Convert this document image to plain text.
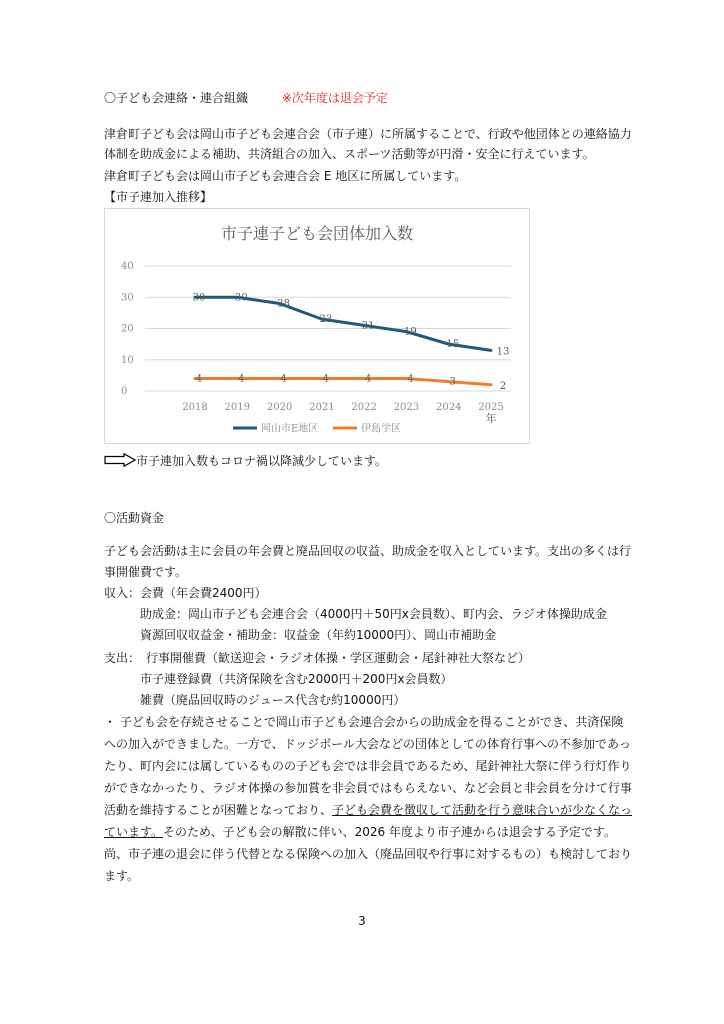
〇子ども会連絡・連合組織	※次年度は退会予定
津倉町子ども会は岡山市子ども会連合会（市子連）に所属することで、行政や他団体との連絡協力
体制を助成金による補助、共済組合の加入、スポーツ活動等が円滑・安全に行えています。
津倉町子ども会は岡山市子ども会連合会 E 地区に所属しています。
【市子連加入推移】
市子連子ども会団体加入数
0
10
20
30
40
2018 2019 2020 2021 2022 2023 2024 2025
年
30	30
28
23
21
19
15
13
岡山市E地区
4	4	4	4	4	4	3	2
伊島学区
市子連加入数もコロナ禍以降減少しています。
〇活動資金
子ども会活動は主に会員の年会費と廃品回収の収益、助成金を収入としています。支出の多くは行
事開催費です。
収入：会費（年会費2400円）
助成金：岡山市子ども会連合会（4000円＋50円x会員数）、町内会、ラジオ体操助成金
資源回収収益金・補助金：収益金（年約10000円）、岡山市補助金
支出：　行事開催費（歓送迎会・ラジオ体操・学区運動会・尾針神社大祭など）
市子連登録費（共済保険を含む2000円＋200円x会員数）
雑費（廃品回収時のジュース代含む約10000円）
・ 子ども会を存続させることで岡山市子ども会連合会からの助成金を得ることができ、共済保険
への加入ができました。一方で、ドッジボール大会などの団体としての体育行事への不参加であっ
たり、町内会には属しているものの子ども会では非会員であるため、尾針神社大祭に伴う行灯作り
ができなかったり、ラジオ体操の参加賞を非会員ではもらえない、など会員と非会員を分けて行事
活動を維持することが困難となっており、子ども会費を徴収して活動を行う意味合いが少なくなっ
ています。そのため、子ども会の解散に伴い、2026 年度より市子連からは退会する予定です。
尚、市子連の退会に伴う代替となる保険への加入（廃品回収や行事に対するもの）も検討しており
ます。
3
